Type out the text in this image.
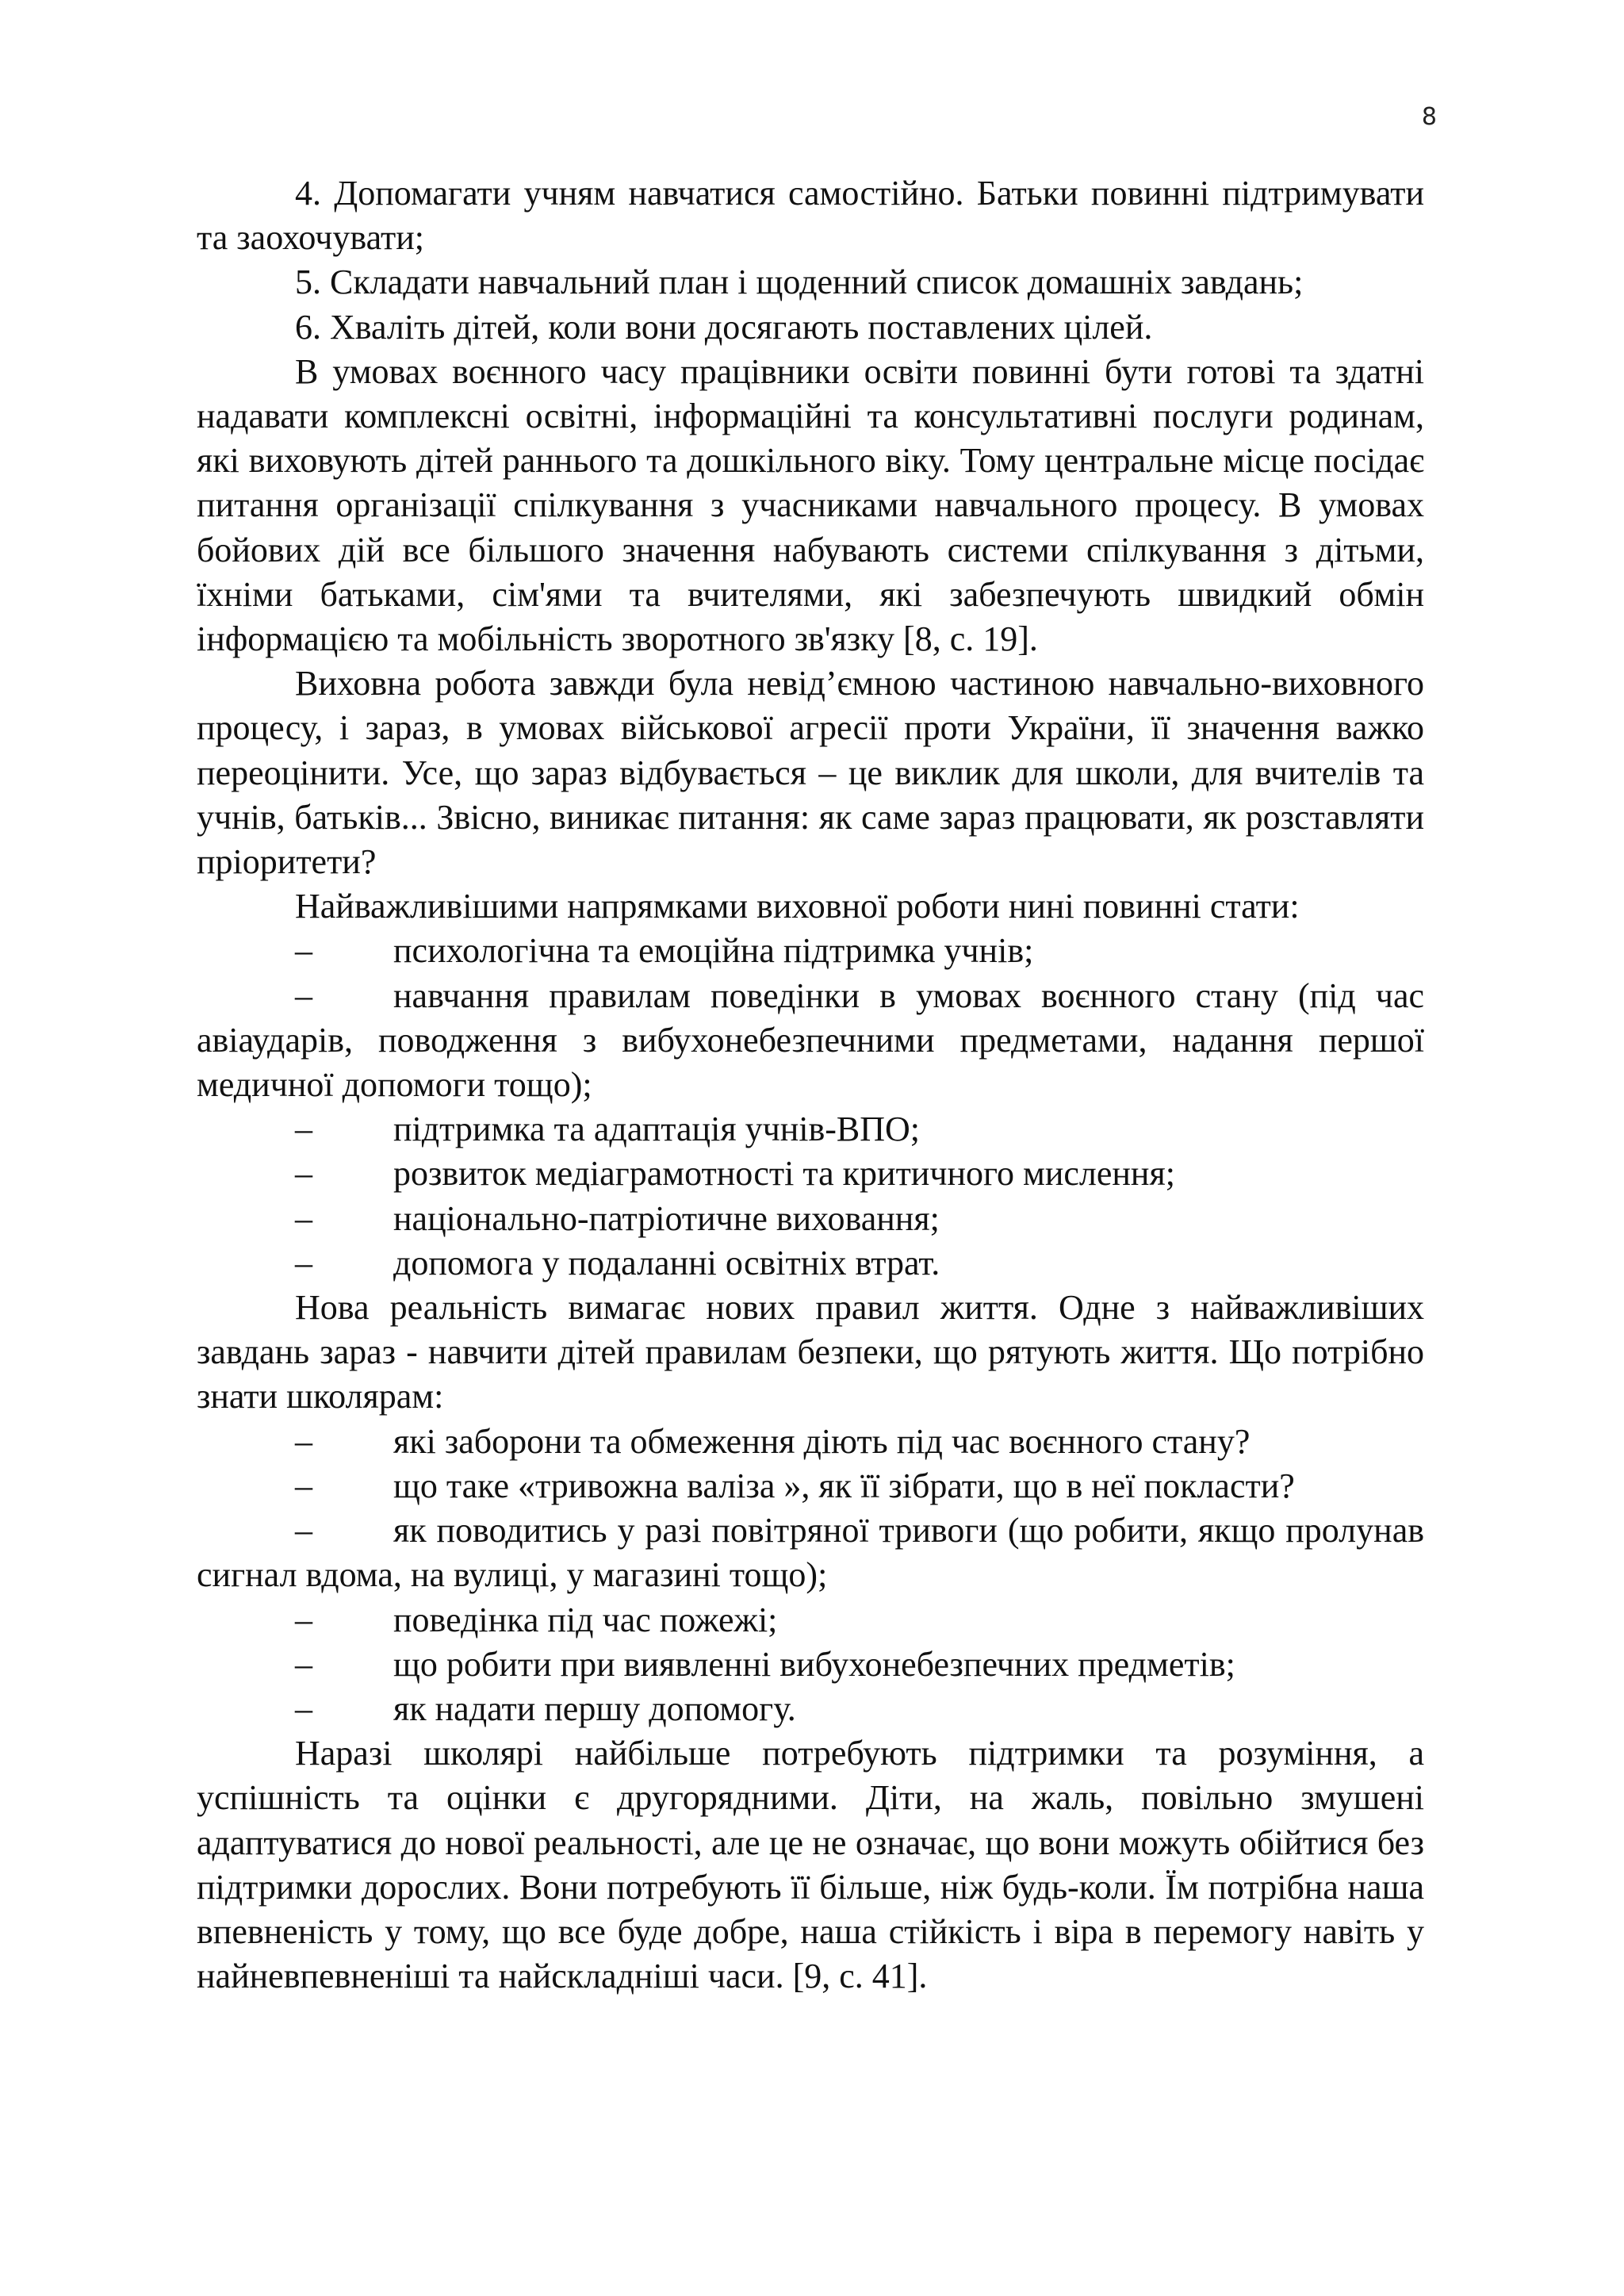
8

4. Допомагати учням навчатися самостійно. Батьки повинні підтримувати та заохочувати;

5. Складати навчальний план і щоденний список домашніх завдань;

6. Хваліть дітей, коли вони досягають поставлених цілей.

В умовах воєнного часу працівники освіти повинні бути готові та здатні надавати комплексні освітні, інформаційні та консультативні послуги родинам, які виховують дітей раннього та дошкільного віку. Тому центральне місце посідає питання організації спілкування з учасниками навчального процесу. В умовах бойових дій все більшого значення набувають системи спілкування з дітьми, їхніми батьками, сім'ями та вчителями, які забезпечують швидкий обмін інформацією та мобільність зворотного зв'язку [8, с. 19].

Виховна робота завжди була невід’ємною частиною навчально-виховного процесу, і зараз, в умовах військової агресії проти України, її значення важко переоцінити. Усе, що зараз відбувається – це виклик для школи, для вчителів та учнів, батьків... Звісно, виникає питання: як саме зараз працювати, як розставляти пріоритети?

Найважливішими напрямками виховної роботи нині повинні стати:

– психологічна та емоційна підтримка учнів;

– навчання правилам поведінки в умовах воєнного стану (під час авіаударів, поводження з вибухонебезпечними предметами, надання першої медичної допомоги тощо);

– підтримка та адаптація учнів-ВПО;

– розвиток медіаграмотності та критичного мислення;

– національно-патріотичне виховання;

– допомога у подаланні освітніх втрат.

Нова реальність вимагає нових правил життя. Одне з найважливіших завдань зараз - навчити дітей правилам безпеки, що рятують життя. Що потрібно знати школярам:

– які заборони та обмеження діють під час воєнного стану?

– що таке «тривожна валіза », як її зібрати, що в неї покласти?

– як поводитись у разі повітряної тривоги (що робити, якщо пролунав сигнал вдома, на вулиці, у магазині тощо);

– поведінка під час пожежі;

– що робити при виявленні вибухонебезпечних предметів;

– як надати першу допомогу.

Наразі школярі найбільше потребують підтримки та розуміння, а успішність та оцінки є другорядними. Діти, на жаль, повільно змушені адаптуватися до нової реальності, але це не означає, що вони можуть обійтися без підтримки дорослих. Вони потребують її більше, ніж будь-коли. Їм потрібна наша впевненість у тому, що все буде добре, наша стійкість і віра в перемогу навіть у найневпевненіші та найскладніші часи. [9, с. 41].
